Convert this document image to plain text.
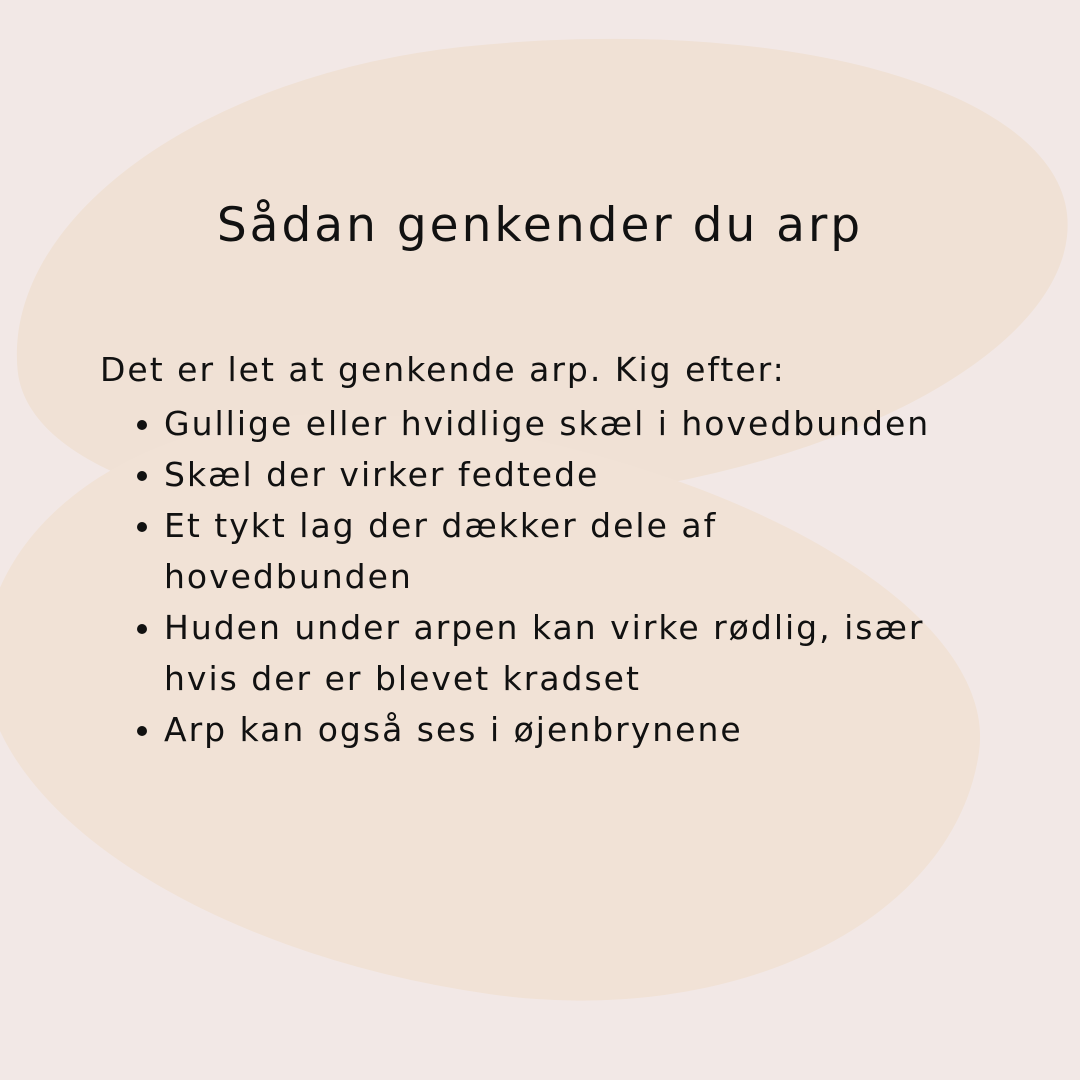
Sådan genkender du arp
Det er let at genkende arp. Kig efter:
• Gullige eller hvidlige skæl i hovedbunden
• Skæl der virker fedtede
• Et tykt lag der dækker dele af hovedbunden
• Huden under arpen kan virke rødlig, især hvis der er blevet kradset
• Arp kan også ses i øjenbrynene
